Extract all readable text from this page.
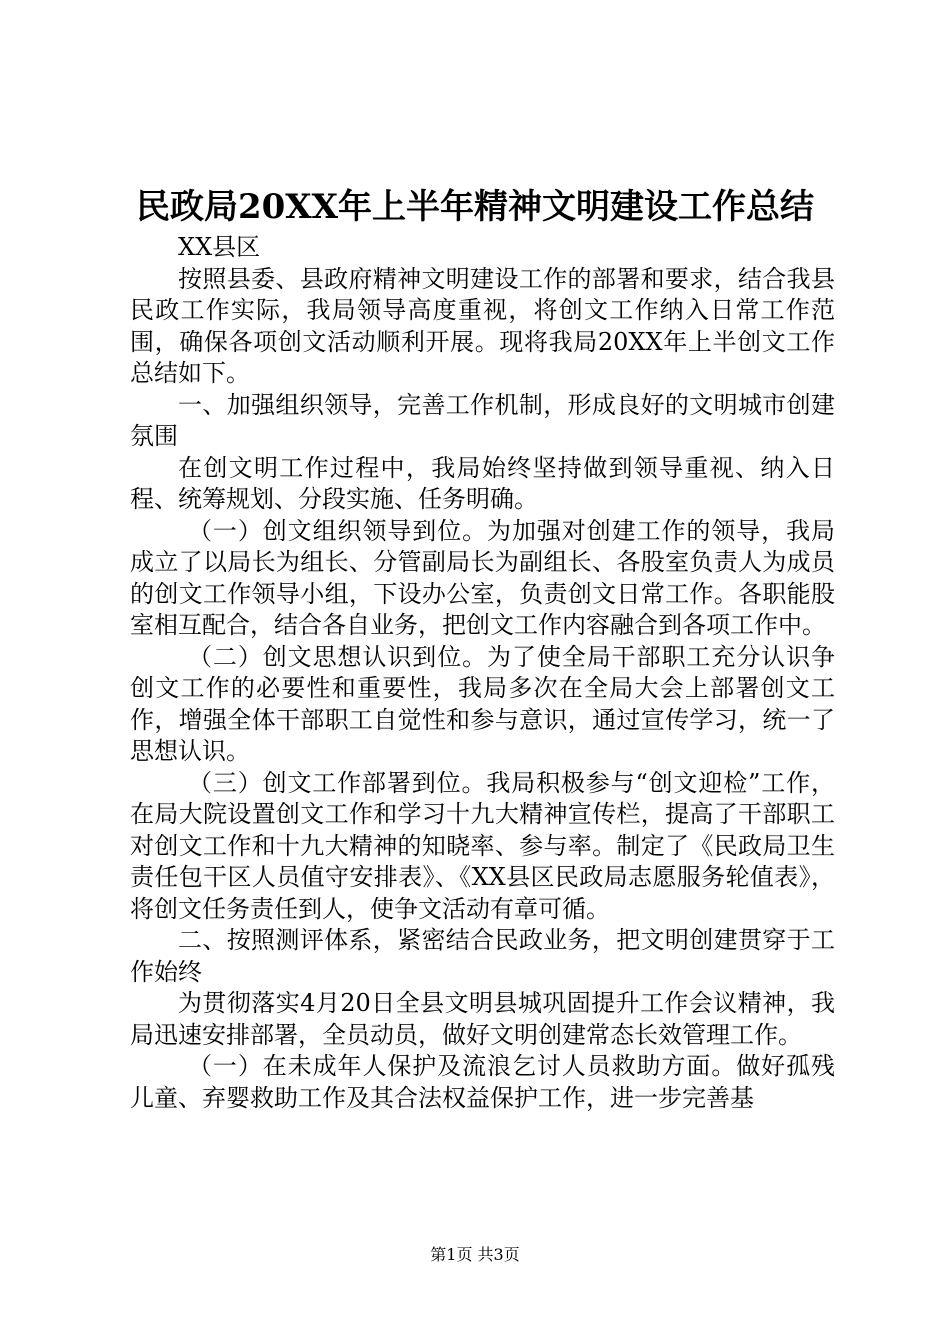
民政局20XX年上半年精神文明建设工作总结

XX县区

按照县委、县政府精神文明建设工作的部署和要求，结合我县民政工作实际，我局领导高度重视，将创文工作纳入日常工作范围，确保各项创文活动顺利开展。现将我局20XX年上半创文工作总结如下。

一、加强组织领导，完善工作机制，形成良好的文明城市创建氛围

在创文明工作过程中，我局始终坚持做到领导重视、纳入日程、统筹规划、分段实施、任务明确。

（一）创文组织领导到位。为加强对创建工作的领导，我局成立了以局长为组长、分管副局长为副组长、各股室负责人为成员的创文工作领导小组，下设办公室，负责创文日常工作。各职能股室相互配合，结合各自业务，把创文工作内容融合到各项工作中。

（二）创文思想认识到位。为了使全局干部职工充分认识争创文工作的必要性和重要性，我局多次在全局大会上部署创文工作，增强全体干部职工自觉性和参与意识，通过宣传学习，统一了思想认识。

（三）创文工作部署到位。我局积极参与“创文迎检”工作，在局大院设置创文工作和学习十九大精神宣传栏，提高了干部职工对创文工作和十九大精神的知晓率、参与率。制定了《民政局卫生责任包干区人员值守安排表》、《XX县区民政局志愿服务轮值表》，将创文任务责任到人，使争文活动有章可循。

二、按照测评体系，紧密结合民政业务，把文明创建贯穿于工作始终

为贯彻落实4月20日全县文明县城巩固提升工作会议精神，我局迅速安排部署，全员动员，做好文明创建常态长效管理工作。

（一）在未成年人保护及流浪乞讨人员救助方面。做好孤残儿童、弃婴救助工作及其合法权益保护工作，进一步完善基

第1页 共3页
